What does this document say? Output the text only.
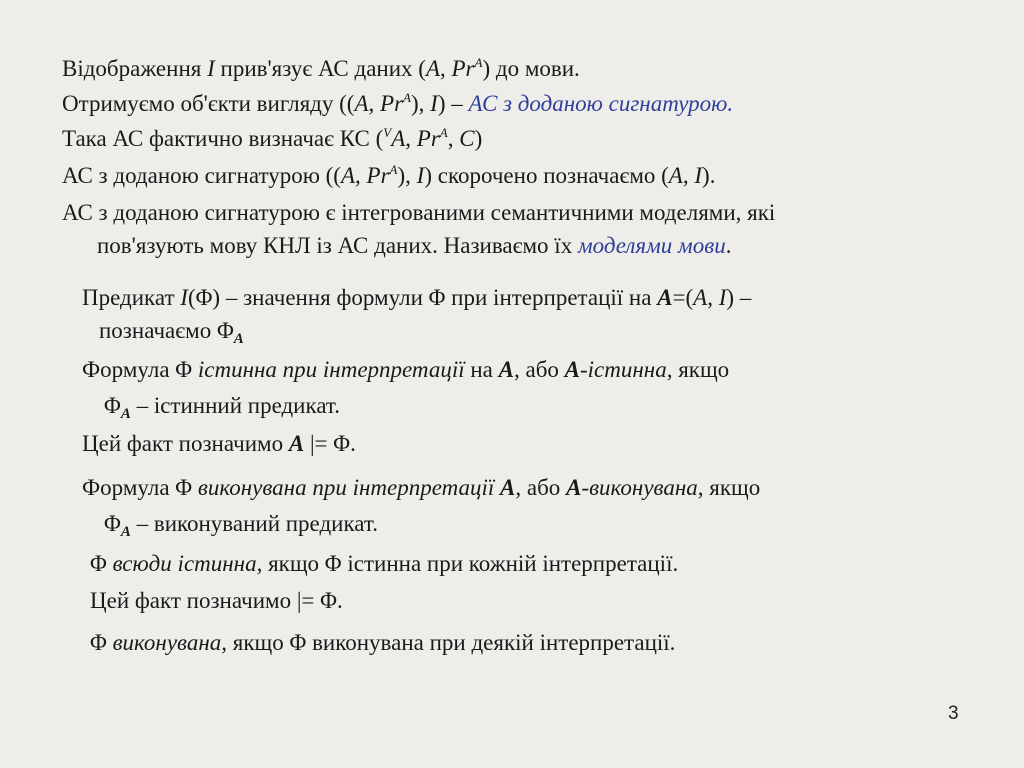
Відображення I прив'язує АС даних (A, $Pr^A$) до мови.
Отримуємо об'єкти вигляду ((A, $Pr^A$), I) – АС з доданою сигнатурою.
Така АС фактично визначає КС ($^V$A, $Pr^A$, C)
АС з доданою сигнатурою ((A, $Pr^A$), I) скорочено позначаємо (A, I).
АС з доданою сигнатурою є інтегрованими семантичними моделями, які
пов'язують мову КНЛ із АС даних. Називаємо їх моделями мови.
Предикат I(Φ) – значення формули Φ при інтерпретації на A=(A, I) –
позначаємо $\Phi_A$
Формула Φ істинна при інтерпретації на A, або A-істинна, якщо
$\Phi_A$ – істинний предикат.
Цей факт позначимо A |= Φ.
Формула Φ виконувана при інтерпретації A, або A-виконувана, якщо
$\Phi_A$ – виконуваний предикат.
Φ всюди істинна, якщо Φ істинна при кожній інтерпретації.
Цей факт позначимо |= Φ.
Φ виконувана, якщо Φ виконувана при деякій інтерпретації.
3
